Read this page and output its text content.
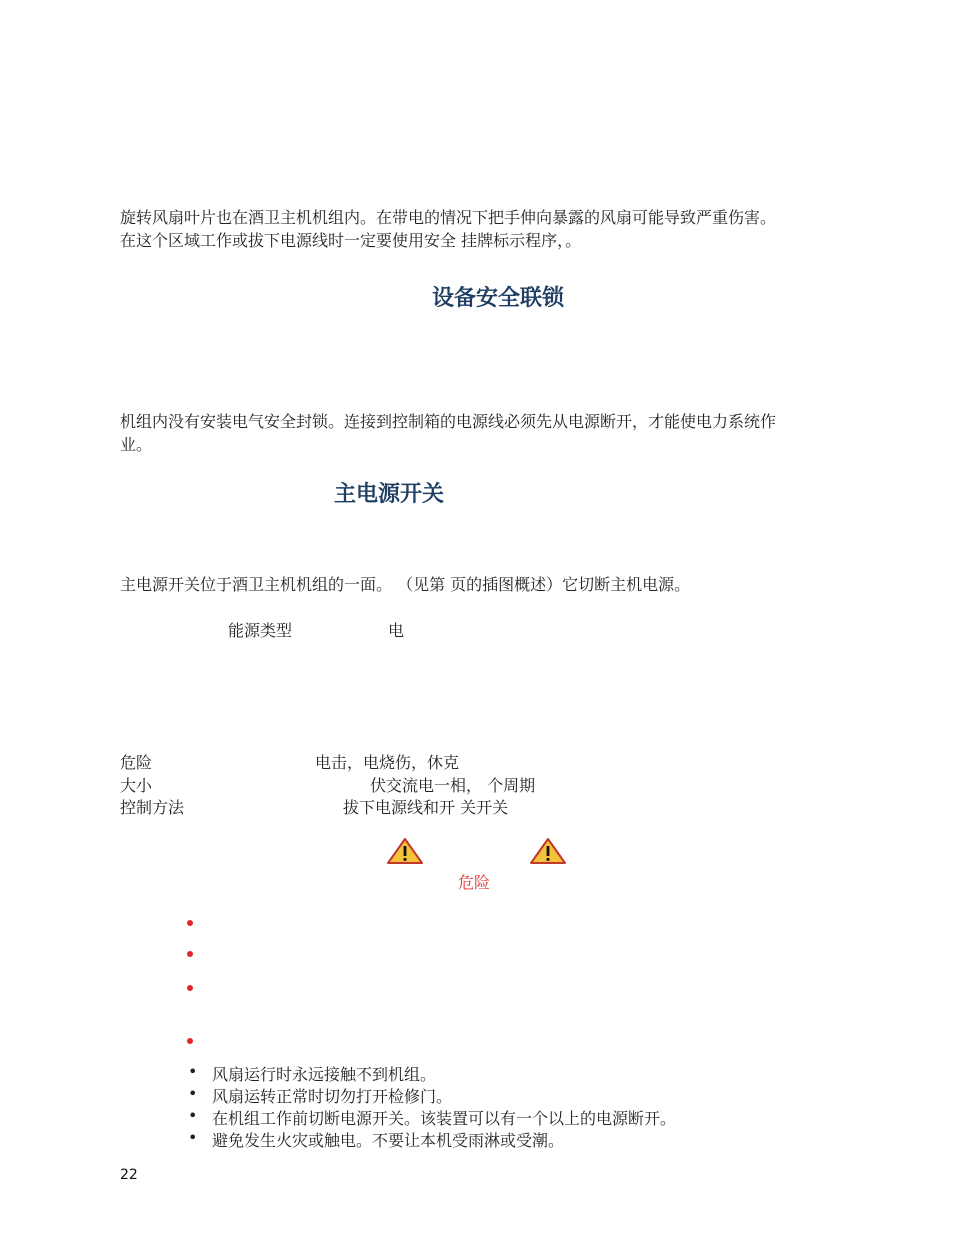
旋转风扇叶片也在酒卫主机机组内。在带电的情况下把手伸向暴露的风扇可能导致严重伤害。
在这个区域工作或拔下电源线时一定要使用安全 挂牌标示程序，。
设备安全联锁
机组内没有安装电气安全封锁。连接到控制箱的电源线必须先从电源断开，才能使电力系统作
业。
主电源开关
主电源开关位于酒卫主机机组的一面。 （见第 页的插图概述）它切断主机电源。
能源类型	电
危险	电击，电烧伤，休克
大小	伏交流电一相， 个周期
控制方法	拔下电源线和开 关开关
危险
• 风扇运行时永远接触不到机组。
• 风扇运转正常时切勿打开检修门。
• 在机组工作前切断电源开关。该装置可以有一个以上的电源断开。
• 避免发生火灾或触电。不要让本机受雨淋或受潮。
22
